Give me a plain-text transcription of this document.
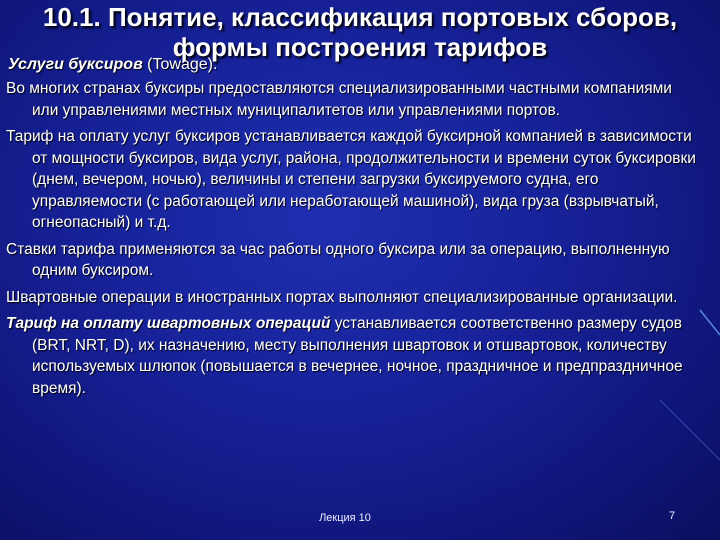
10.1. Понятие, классификация портовых сборов,
формы построения тарифов
Услуги буксиров (Towage).

Во многих странах буксиры предоставляются специализированными частными компаниями или управлениями местных муниципалитетов или управлениями портов.

Тариф на оплату услуг буксиров устанавливается каждой буксирной компанией в зависимости от мощности буксиров, вида услуг, района, продолжительности и времени суток буксировки (днем, вечером, ночью), величины и степени загрузки буксируемого судна, его управляемости (с работающей или неработающей машиной), вида груза (взрывчатый, огнеопасный) и т.д.

Ставки тарифа применяются за час работы одного буксира или за операцию, выполненную одним буксиром.

Швартовные операции в иностранных портах выполняют специализированные организации.

Тариф на оплату швартовных операций устанавливается соответственно размеру судов (BRT, NRT, D), их назначению, месту выполнения швартовок и отшвартовок, количеству используемых шлюпок (повышается в вечернее, ночное, праздничное и предпраздничное время).

Лекция 10	7
